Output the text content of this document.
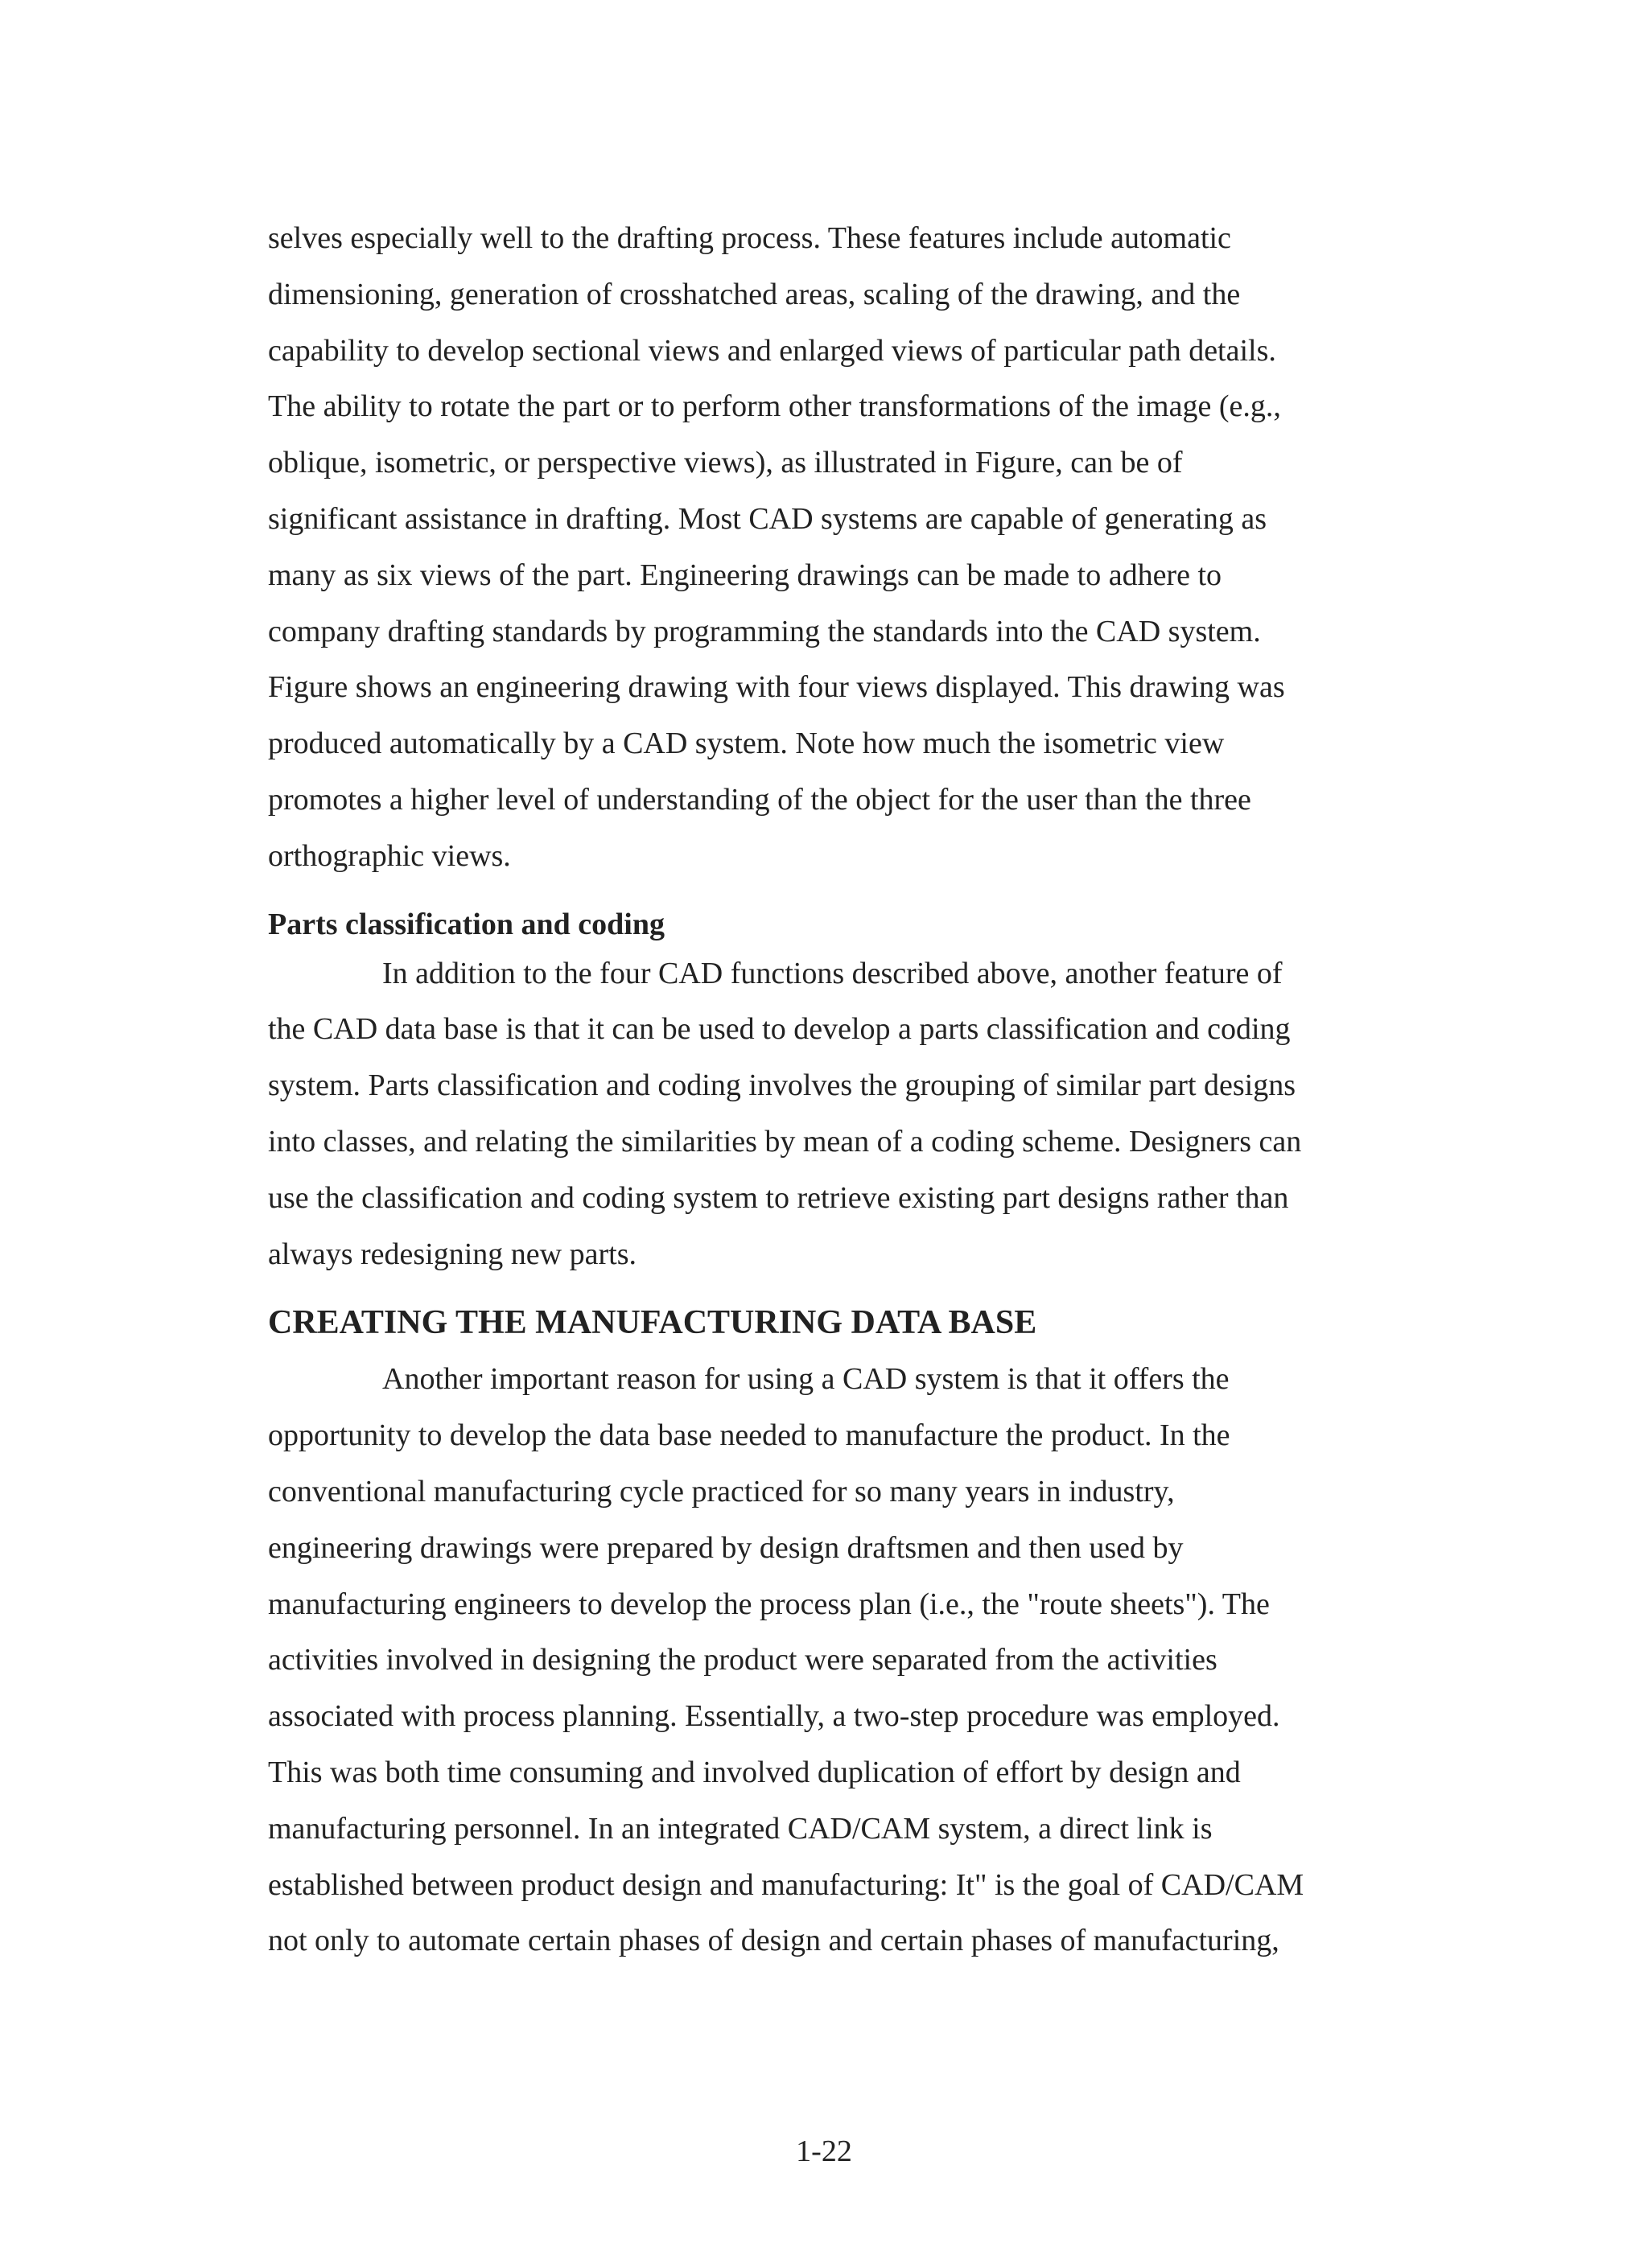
selves especially well to the drafting process. These features include automatic
dimensioning, generation of crosshatched areas, scaling of the drawing, and the
capability to develop sectional views and enlarged views of particular path details.
The ability to rotate the part or to perform other transformations of the image (e.g.,
oblique, isometric, or perspective views), as illustrated in Figure, can be of
significant assistance in drafting. Most CAD systems are capable of generating as
many as six views of the part. Engineering drawings can be made to adhere to
company drafting standards by programming the standards into the CAD system.
Figure shows an engineering drawing with four views displayed. This drawing was
produced automatically by a CAD system. Note how much the isometric view
promotes a higher level of understanding of the object for the user than the three
orthographic views.

Parts classification and coding

In addition to the four CAD functions described above, another feature of
the CAD data base is that it can be used to develop a parts classification and coding
system. Parts classification and coding involves the grouping of similar part designs
into classes, and relating the similarities by mean of a coding scheme. Designers can
use the classification and coding system to retrieve existing part designs rather than
always redesigning new parts.

CREATING THE MANUFACTURING DATA BASE

Another important reason for using a CAD system is that it offers the
opportunity to develop the data base needed to manufacture the product. In the
conventional manufacturing cycle practiced for so many years in industry,
engineering drawings were prepared by design draftsmen and then used by
manufacturing engineers to develop the process plan (i.e., the "route sheets"). The
activities involved in designing the product were separated from the activities
associated with process planning. Essentially, a two-step procedure was employed.
This was both time consuming and involved duplication of effort by design and
manufacturing personnel. In an integrated CAD/CAM system, a direct link is
established between product design and manufacturing: It" is the goal of CAD/CAM
not only to automate certain phases of design and certain phases of manufacturing,

1-22
